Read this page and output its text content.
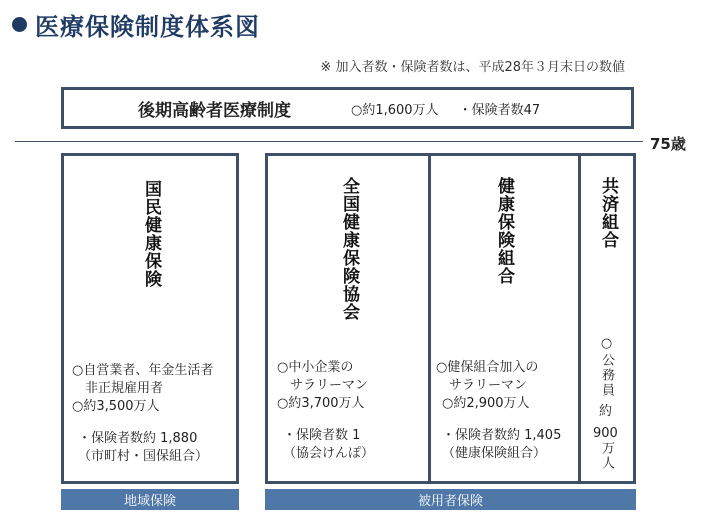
医療保険制度体系図
※ 加入者数・保険者数は、平成28年３月末日の数値
後期高齢者医療制度	○約1,600万人 ・保険者数47
75歳
国民健康保険
○自営業者、年金生活者
非正規雇用者
○約3,500万人
・保険者数約 1,880
（市町村・国保組合）
全国健康保険協会
○中小企業の
サラリーマン
○約3,700万人
・保険者数 1
（協会けんぽ）
健康保険組合
○健保組合加入の
サラリーマン
○約2,900万人
・保険者数約 1,405
（健康保険組合）
共済組合
○公務員
約
900
万人
地域保険	被用者保険
